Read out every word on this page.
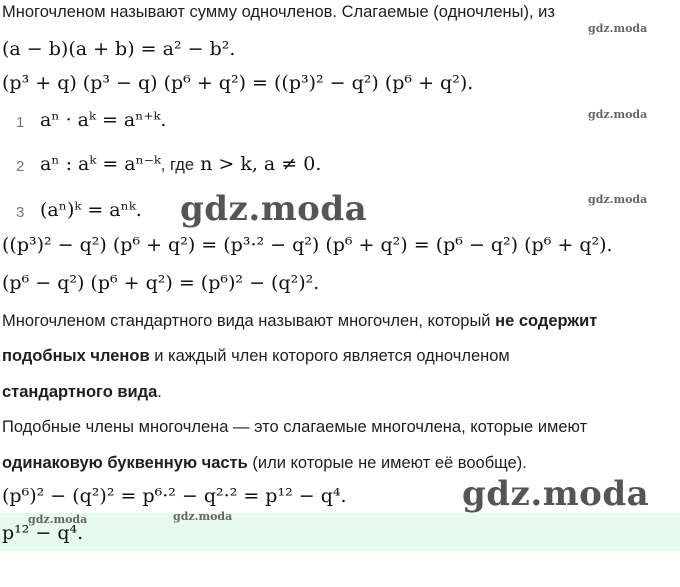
Многочленом называют сумму одночленов. Слагаемые (одночлены), из
(a − b)(a + b) = a² − b².
(p³ + q) (p³ − q) (p⁶ + q²) = ((p³)² − q²) (p⁶ + q²).
1 aⁿ · aᵏ = aⁿ⁺ᵏ.
2 aⁿ : aᵏ = aⁿ⁻ᵏ, где n > k, a ≠ 0.
3 (aⁿ)ᵏ = aⁿᵏ.
((p³)² − q²) (p⁶ + q²) = (p³·² − q²) (p⁶ + q²) = (p⁶ − q²) (p⁶ + q²).
(p⁶ − q²) (p⁶ + q²) = (p⁶)² − (q²)².
Многочленом стандартного вида называют многочлен, который не содержит
подобных членов и каждый член которого является одночленом
стандартного вида.
Подобные члены многочлена — это слагаемые многочлена, которые имеют
одинаковую буквенную часть (или которые не имеют её вообще).
(p⁶)² − (q²)² = p⁶·² − q²·² = p¹² − q⁴.
p¹² − q⁴.
gdz.moda
gdz.moda
gdz.moda
gdz.moda	gdz.moda
gdz.moda
gdz.moda
